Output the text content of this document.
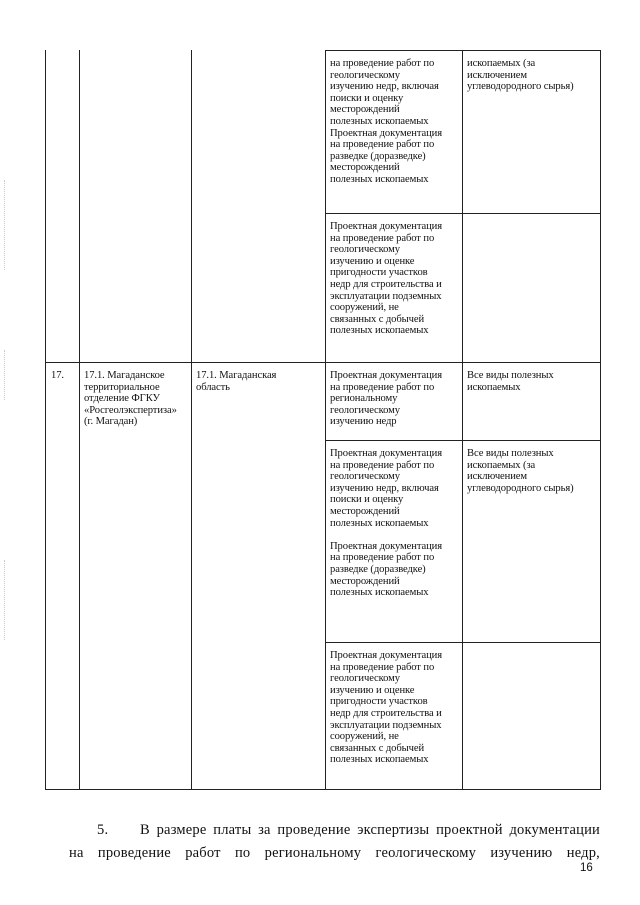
на проведение работ по
геологическому
изучению недр, включая
поиски и оценку
месторождений
полезных ископаемых
Проектная документация
на проведение работ по
разведке (доразведке)
месторождений
полезных ископаемых
ископаемых (за
исключением
углеводородного сырья)
Проектная документация
на проведение работ по
геологическому
изучению и оценке
пригодности участков
недр для строительства и
эксплуатации подземных
сооружений, не
связанных с добычей
полезных ископаемых
17.	17.1. Магаданское
территориальное
отделение ФГКУ
«Росгеолэкспертиза»
(г. Магадан)
17.1. Магаданская
область
Проектная документация
на проведение работ по
региональному
геологическому
изучению недр
Все виды полезных
ископаемых
Проектная документация
на проведение работ по
геологическому
изучению недр, включая
поиски и оценку
месторождений
полезных ископаемых

Проектная документация
на проведение работ по
разведке (доразведке)
месторождений
полезных ископаемых
Все виды полезных
ископаемых (за
исключением
углеводородного сырья)
Проектная документация
на проведение работ по
геологическому
изучению и оценке
пригодности участков
недр для строительства и
эксплуатации подземных
сооружений, не
связанных с добычей
полезных ископаемых
5. В размере платы за проведение экспертизы проектной документации
на проведение работ по региональному геологическому изучению недр,
16
